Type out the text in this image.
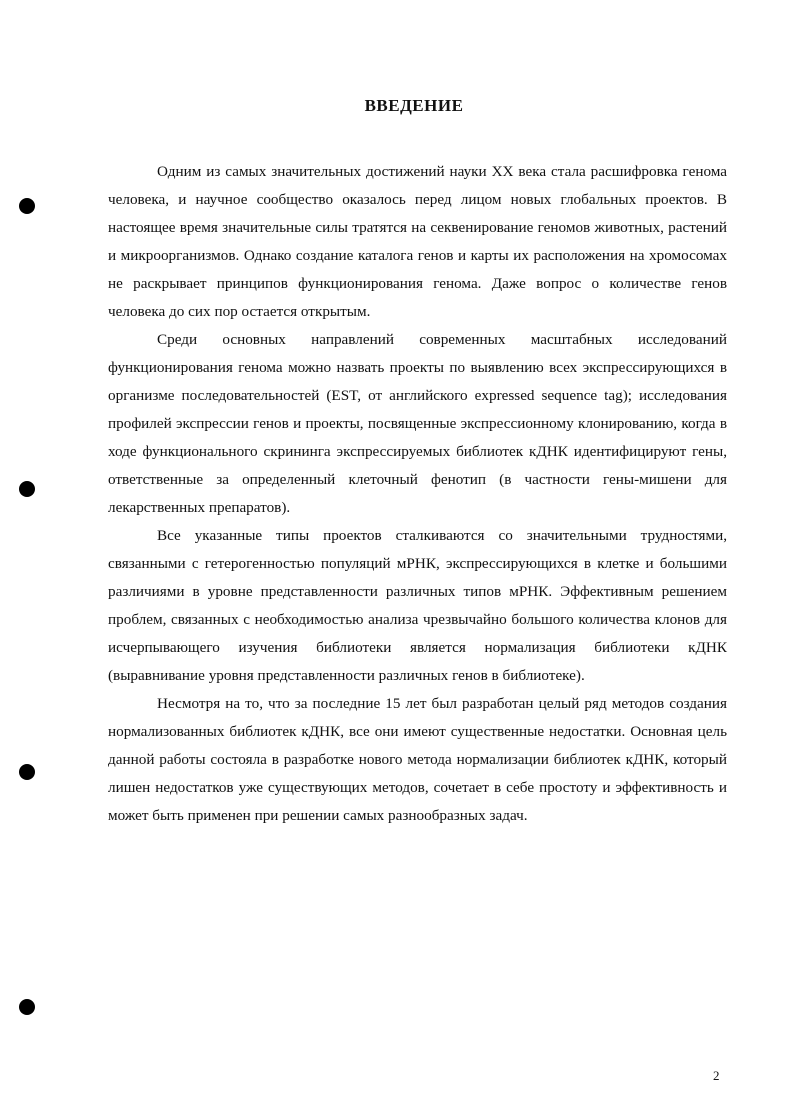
ВВЕДЕНИЕ

Одним из самых значительных достижений науки XX века стала расшифровка генома человека, и научное сообщество оказалось перед лицом новых глобальных проектов. В настоящее время значительные силы тратятся на секвенирование геномов животных, растений и микроорганизмов. Однако создание каталога генов и карты их расположения на хромосомах не раскрывает принципов функционирования генома. Даже вопрос о количестве генов человека до сих пор остается открытым.

Среди основных направлений современных масштабных исследований функционирования генома можно назвать проекты по выявлению всех экспрессирующихся в организме последовательностей (EST, от английского expressed sequence tag); исследования профилей экспрессии генов и проекты, посвященные экспрессионному клонированию, когда в ходе функционального скрининга экспрессируемых библиотек кДНК идентифицируют гены, ответственные за определенный клеточный фенотип (в частности гены-мишени для лекарственных препаратов).

Все указанные типы проектов сталкиваются со значительными трудностями, связанными с гетерогенностью популяций мРНК, экспрессирующихся в клетке и большими различиями в уровне представленности различных типов мРНК. Эффективным решением проблем, связанных с необходимостью анализа чрезвычайно большого количества клонов для исчерпывающего изучения библиотеки является нормализация библиотеки кДНК (выравнивание уровня представленности различных генов в библиотеке).

Несмотря на то, что за последние 15 лет был разработан целый ряд методов создания нормализованных библиотек кДНК, все они имеют существенные недостатки. Основная цель данной работы состояла в разработке нового метода нормализации библиотек кДНК, который лишен недостатков уже существующих методов, сочетает в себе простоту и эффективность и может быть применен при решении самых разнообразных задач.

2
